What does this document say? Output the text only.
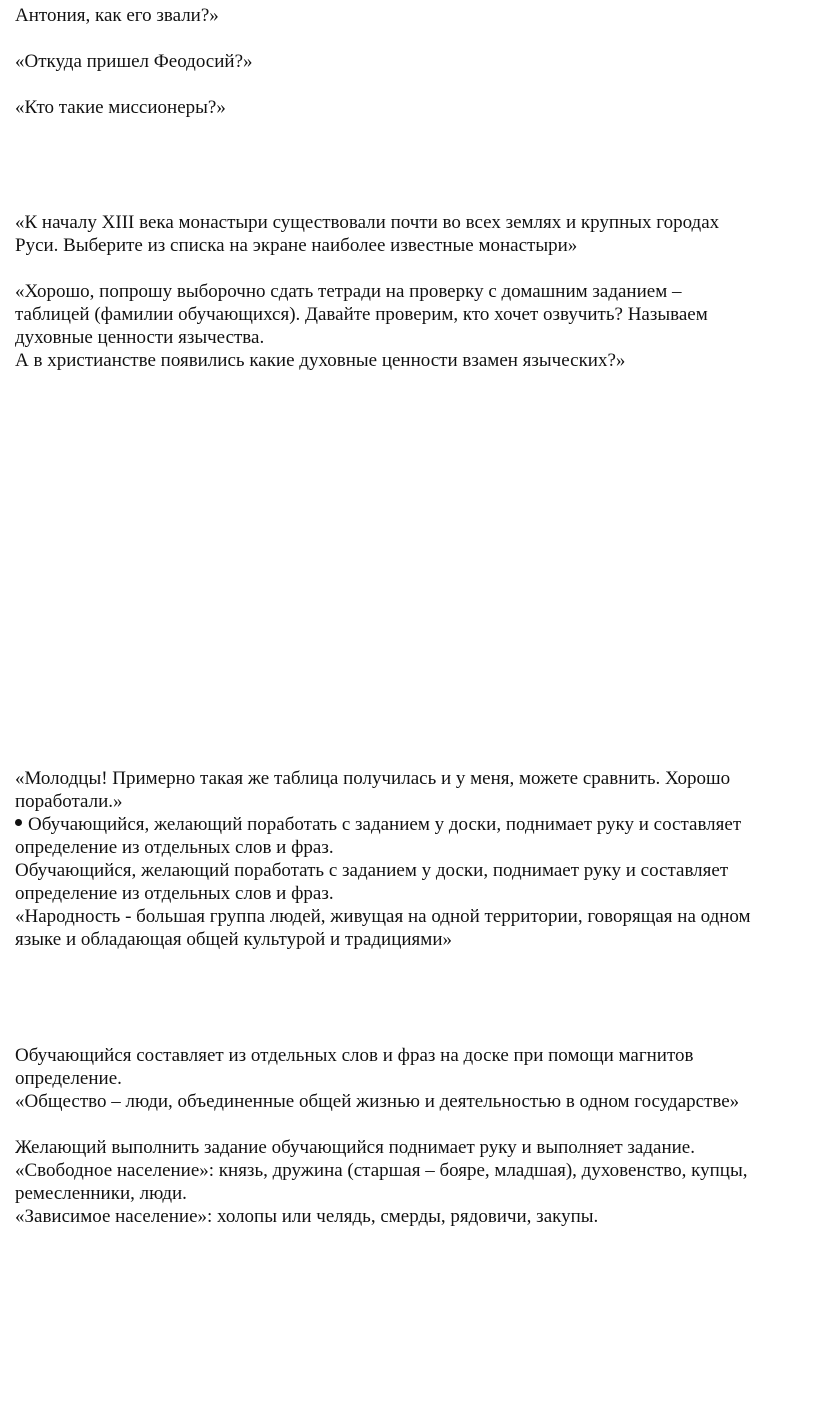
Антония, как его звали?»
«Откуда пришел Феодосий?»
«Кто такие миссионеры?»
«К началу XIII века монастыри существовали почти во всех землях и крупных городах
Руси. Выберите из списка на экране наиболее известные монастыри»
«Хорошо, попрошу выборочно сдать тетради на проверку с домашним заданием –
таблицей (фамилии обучающихся). Давайте проверим, кто хочет озвучить? Называем
духовные ценности язычества.
А в христианстве появились какие духовные ценности взамен языческих?»
«Молодцы! Примерно такая же таблица получилась и у меня, можете сравнить. Хорошо
поработали.»
Обучающийся, желающий поработать с заданием у доски, поднимает руку и составляет
определение из отдельных слов и фраз.
Обучающийся, желающий поработать с заданием у доски, поднимает руку и составляет
определение из отдельных слов и фраз.
«Народность - большая группа людей, живущая на одной территории, говорящая на одном
языке и обладающая общей культурой и традициями»
Обучающийся составляет из отдельных слов и фраз на доске при помощи магнитов
определение.
«Общество – люди, объединенные общей жизнью и деятельностью в одном государстве»
Желающий выполнить задание обучающийся поднимает руку и выполняет задание.
«Свободное население»: князь, дружина (старшая – бояре, младшая), духовенство, купцы,
ремесленники, люди.
«Зависимое население»: холопы или челядь, смерды, рядовичи, закупы.
